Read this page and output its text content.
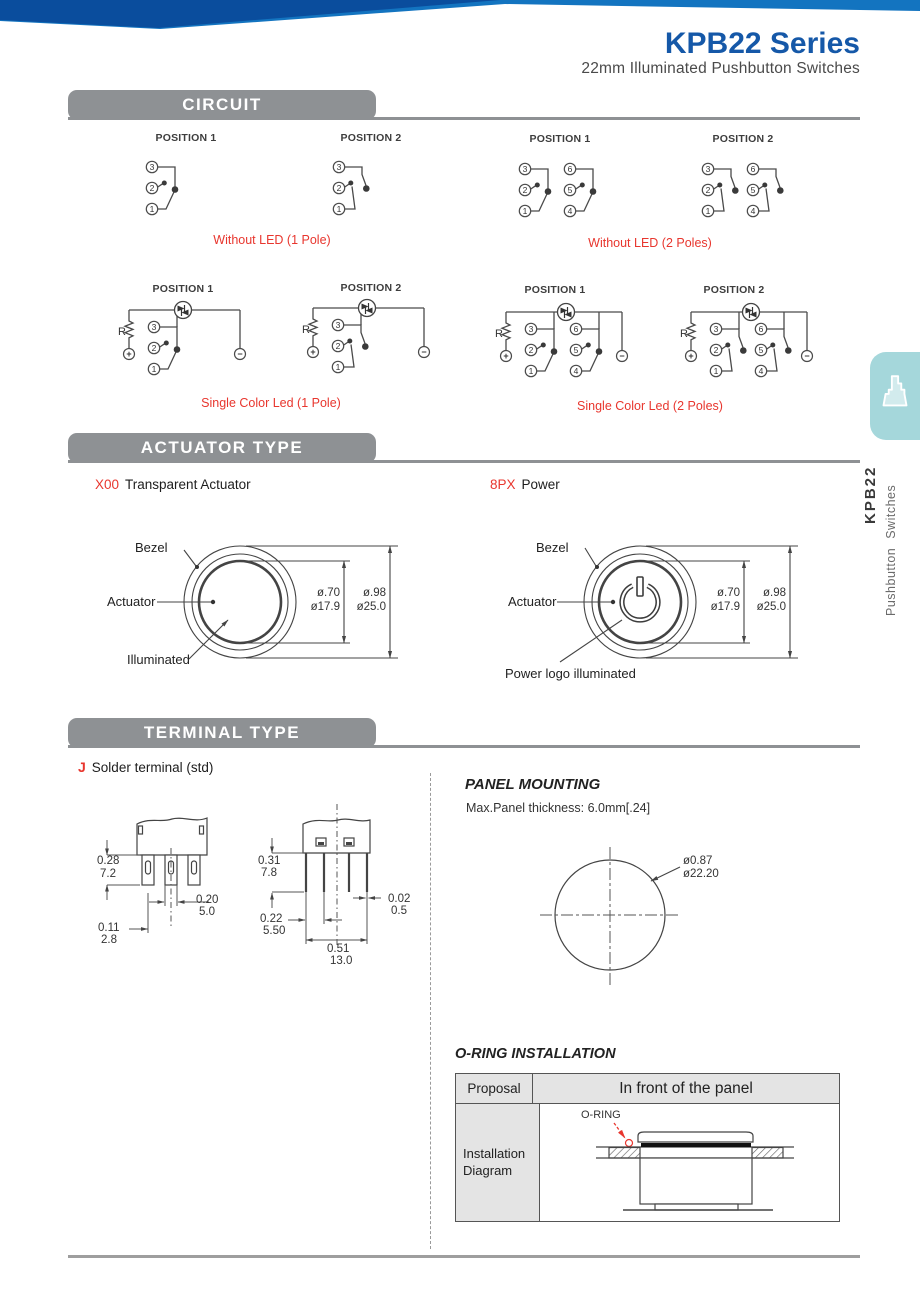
KPB22 Series
22mm Illuminated Pushbutton Switches
CIRCUIT
POSITION 1	POSITION 2	POSITION 1	POSITION 2
3
2
1
3
2
1
3
2
1
6
5
4
3
2
1
6
5
4
Without LED (1 Pole)	Without LED (2 Poles)
POSITION 1	POSITION 2	POSITION 1	POSITION 2
R
+	−
3
2
1
R
+	−
3
2
1
R
+	−
3
2
1
6
5
4
R
+	−
3
2
1
6
5
4
Single Color Led (1 Pole)	Single Color Led (2 Poles)
ACTUATOR TYPE
X00 Transparent Actuator	8PX Power
Bezel
Actuator
Illuminated
ø.70
ø17.9
ø.98
ø25.0
Bezel
Actuator
Power logo illuminated
ø.70
ø17.9
ø.98
ø25.0
TERMINAL TYPE
J Solder terminal (std)
0.28
7.2
0.20
5.0
0.11
2.8
0.31
7.8
0.22
5.50
0.02
0.5
0.51
13.0
PANEL MOUNTING
Max.Panel thickness: 6.0mm[.24]
ø0.87
ø22.20
O-RING INSTALLATION
Proposal	In front of the panel
Installation Diagram
O-RING
KPB22 Pushbutton Switches
